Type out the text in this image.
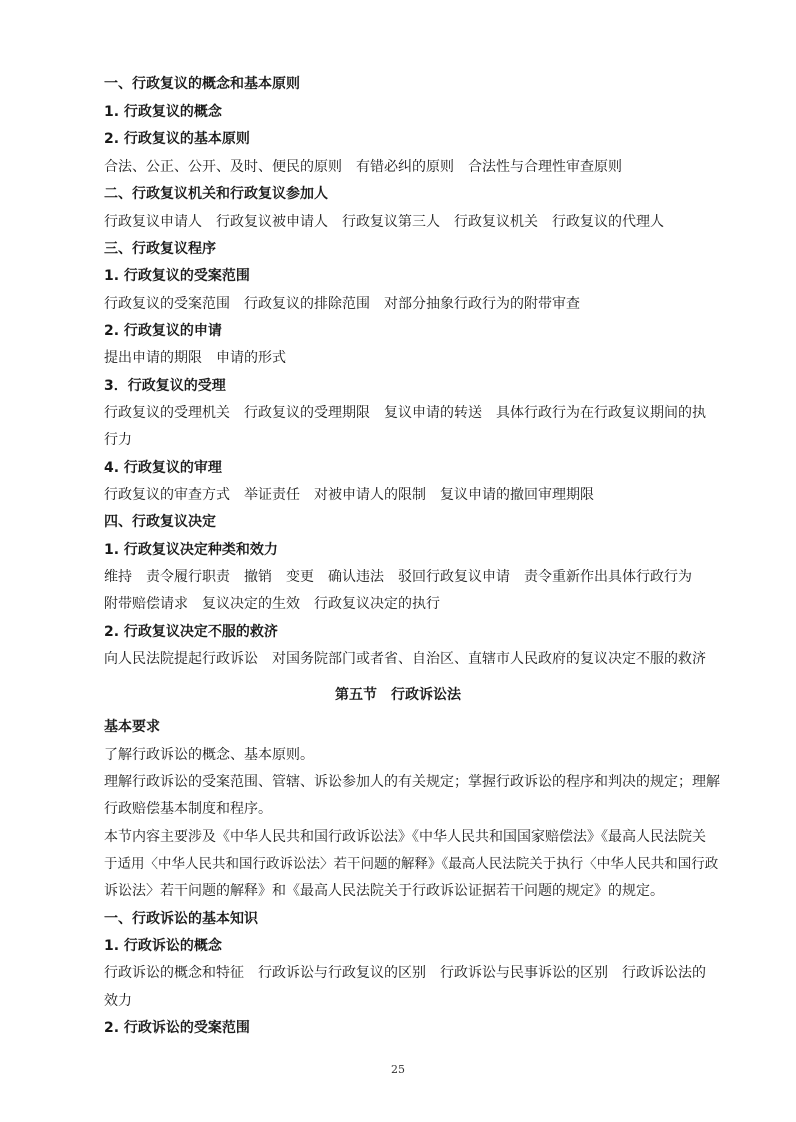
一、行政复议的概念和基本原则
1. 行政复议的概念
2. 行政复议的基本原则
合法、公正、公开、及时、便民的原则　有错必纠的原则　合法性与合理性审查原则
二、行政复议机关和行政复议参加人
行政复议申请人　行政复议被申请人　行政复议第三人　行政复议机关　行政复议的代理人
三、行政复议程序
1. 行政复议的受案范围
行政复议的受案范围　行政复议的排除范围　对部分抽象行政行为的附带审查
2. 行政复议的申请
提出申请的期限　申请的形式
3．行政复议的受理
行政复议的受理机关　行政复议的受理期限　复议申请的转送　具体行政行为在行政复议期间的执
行力
4. 行政复议的审理
行政复议的审查方式　举证责任　对被申请人的限制　复议申请的撤回审理期限
四、行政复议决定
1. 行政复议决定种类和效力
维持　责令履行职责　撤销　变更　确认违法　驳回行政复议申请　责令重新作出具体行政行为
附带赔偿请求　复议决定的生效　行政复议决定的执行
2. 行政复议决定不服的救济
向人民法院提起行政诉讼　对国务院部门或者省、自治区、直辖市人民政府的复议决定不服的救济
第五节　行政诉讼法
基本要求
了解行政诉讼的概念、基本原则。
理解行政诉讼的受案范围、管辖、诉讼参加人的有关规定；掌握行政诉讼的程序和判决的规定；理解
行政赔偿基本制度和程序。
本节内容主要涉及《中华人民共和国行政诉讼法》《中华人民共和国国家赔偿法》《最高人民法院关
于适用〈中华人民共和国行政诉讼法〉若干问题的解释》《最高人民法院关于执行〈中华人民共和国行政
诉讼法〉若干问题的解释》和《最高人民法院关于行政诉讼证据若干问题的规定》的规定。
一、行政诉讼的基本知识
1. 行政诉讼的概念
行政诉讼的概念和特征　行政诉讼与行政复议的区别　行政诉讼与民事诉讼的区别　行政诉讼法的
效力
2. 行政诉讼的受案范围
25
